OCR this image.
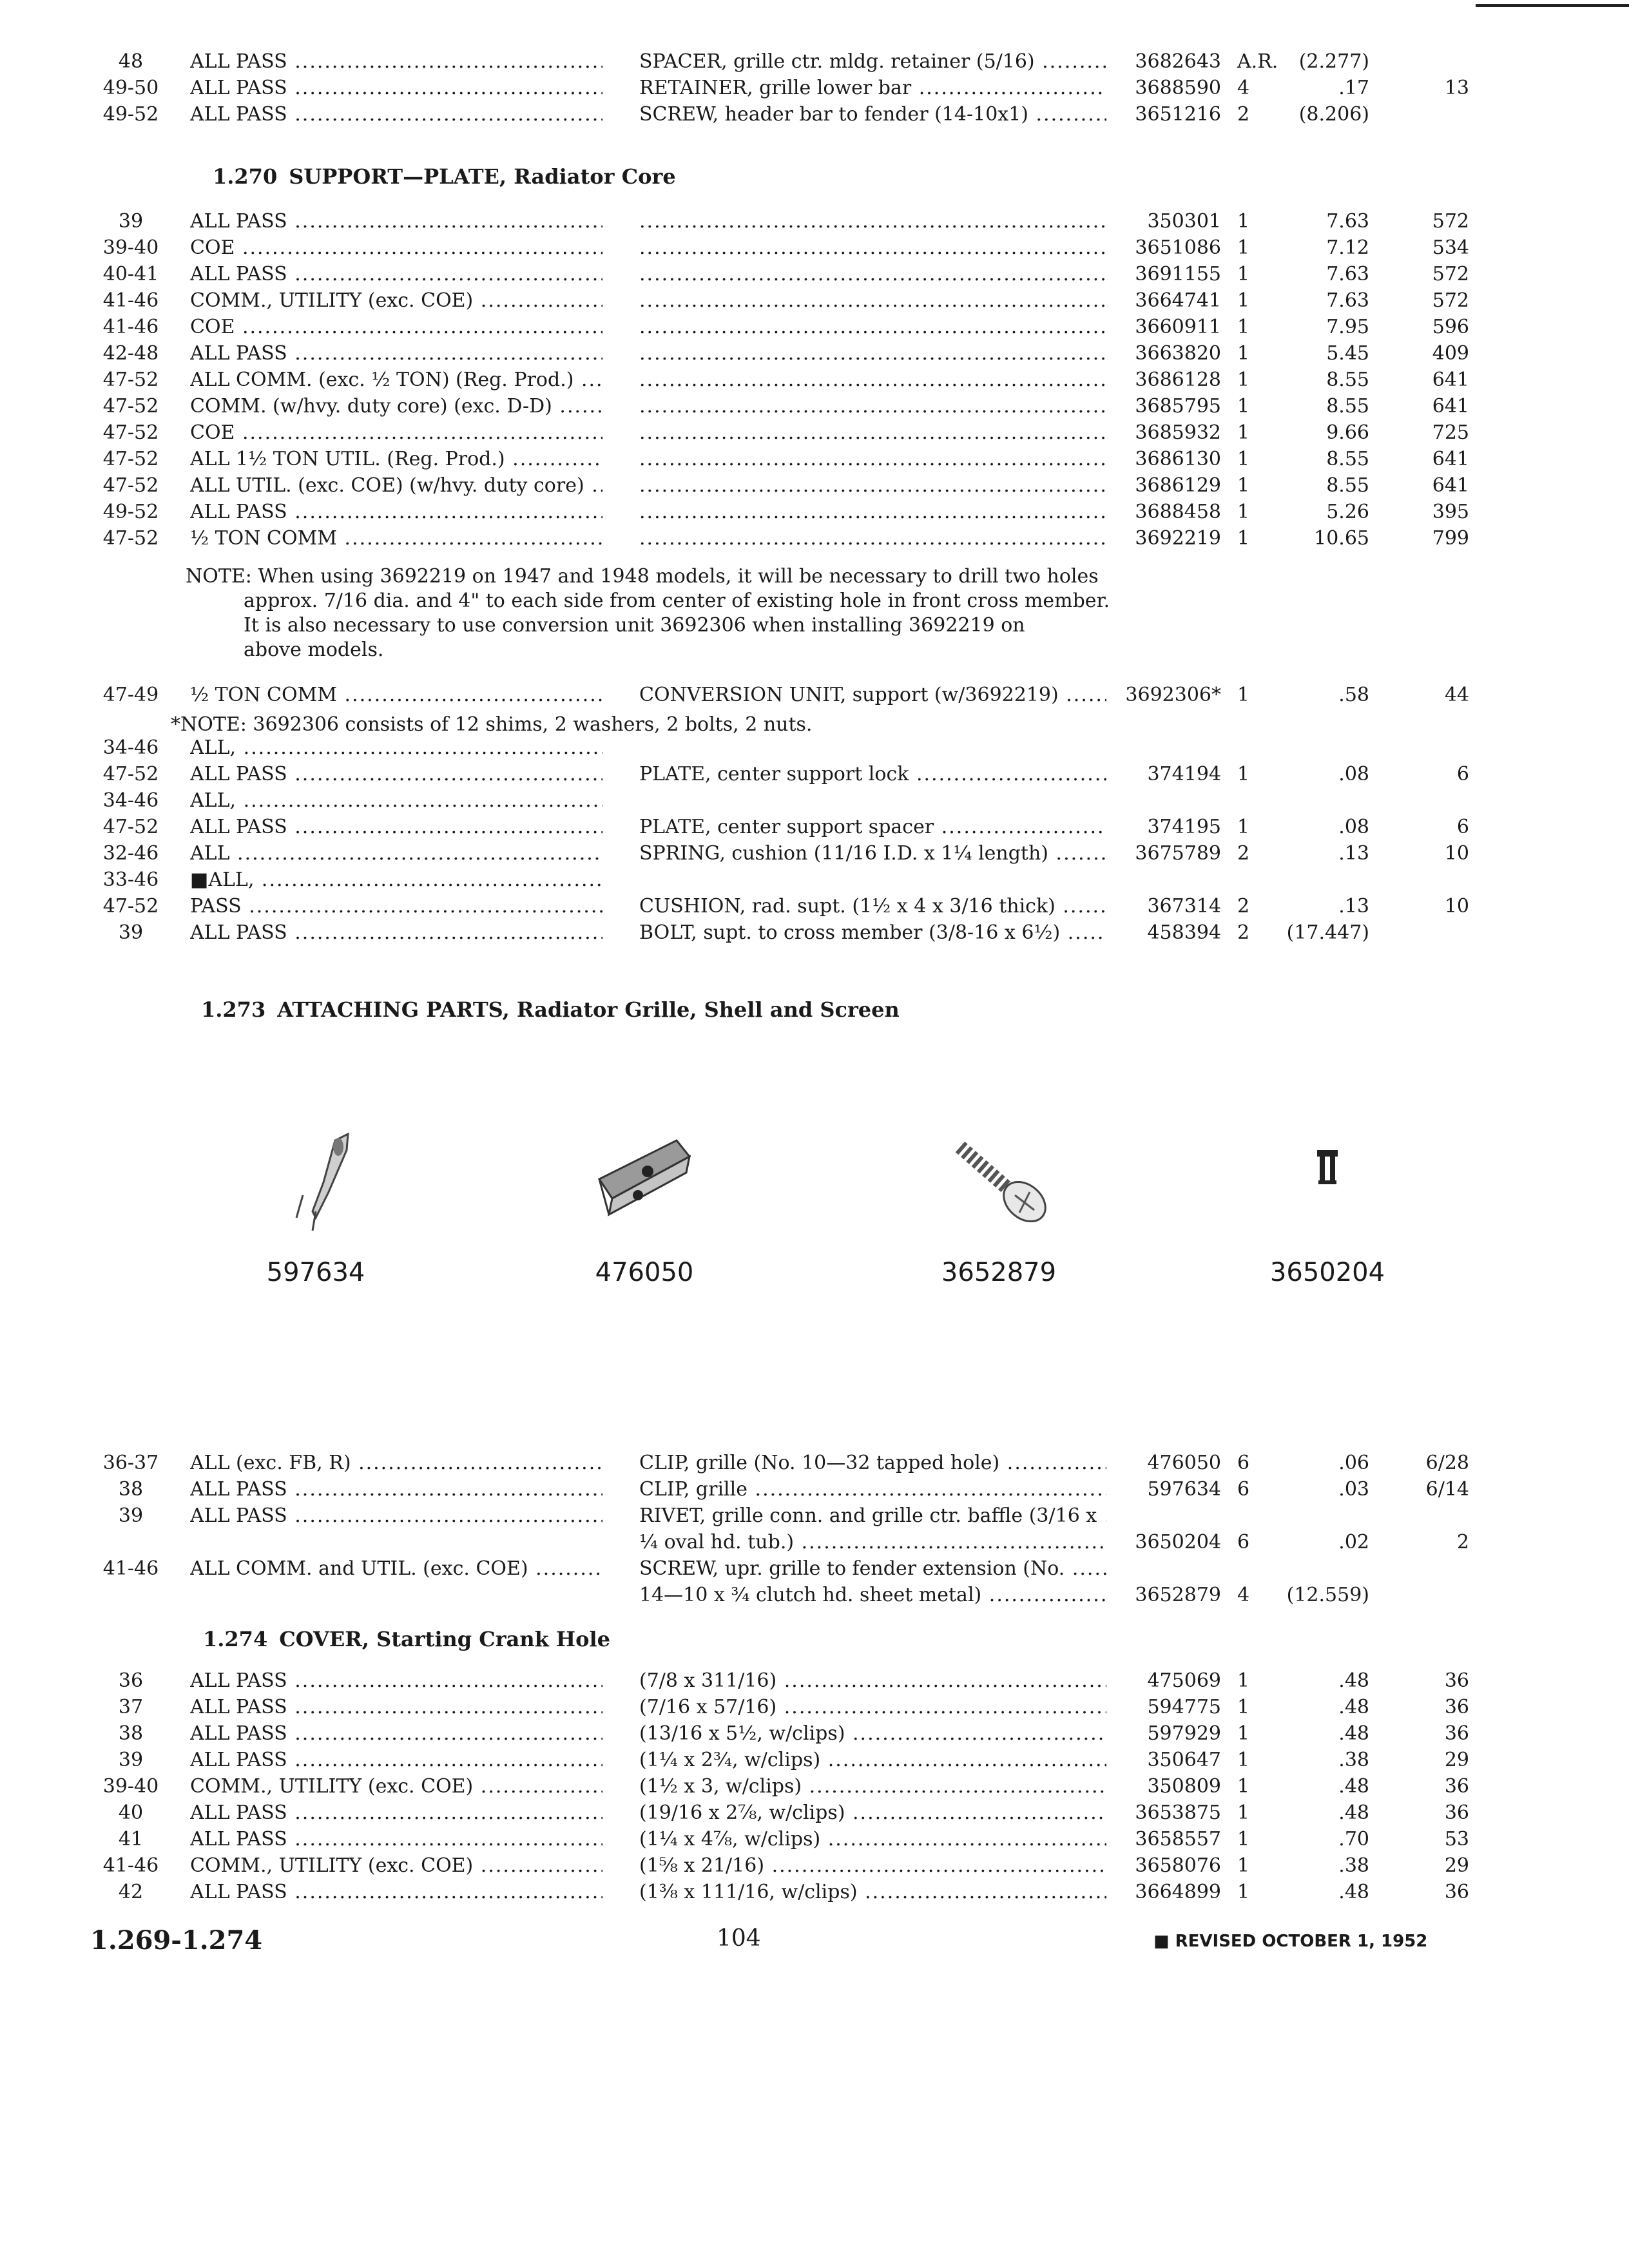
48	ALL PASS .....	SPACER, grille ctr. mldg. retainer (5/16) .....	3682643 A.R.	(2.277)
49-50	ALL PASS .....	RETAINER, grille lower bar .....	3688590 4	.17	13
49-52	ALL PASS .....	SCREW, header bar to fender (14-10x1) .....	3651216 2	(8.206)
1.270 SUPPORT—PLATE, Radiator Core
39	ALL PASS ..... .....	350301 1	7.63	572
39-40	COE ..... .....	3651086 1	7.12	534
40-41	ALL PASS ..... .....	3691155 1	7.63	572
41-46	COMM., UTILITY (exc. COE) ..... .....	3664741 1	7.63	572
41-46	COE ..... .....	3660911 1	7.95	596
42-48	ALL PASS ..... .....	3663820 1	5.45	409
47-52	ALL COMM. (exc. ½ TON) (Reg. Prod.) ..... .....	3686128 1	8.55	641
47-52	COMM. (w/hvy. duty core) (exc. D-D) ..... .....	3685795 1	8.55	641
47-52	COE ..... .....	3685932 1	9.66	725
47-52	ALL 1½ TON UTIL. (Reg. Prod.) ..... .....	3686130 1	8.55	641
47-52	ALL UTIL. (exc. COE) (w/hvy. duty core) ..... .....	3686129 1	8.55	641
49-52	ALL PASS ..... .....	3688458 1	5.26	395
47-52	½ TON COMM ..... .....	3692219 1	10.65	799

NOTE: When using 3692219 on 1947 and 1948 models, it will be necessary to drill two holes

approx. 7/16 dia. and 4" to each side from center of existing hole in front cross member.

It is also necessary to use conversion unit 3692306 when installing 3692219 on

above models.

47-49	½ TON COMM .....	CONVERSION UNIT, support (w/3692219) .....	3692306* 1	.58	44

*NOTE: 3692306 consists of 12 shims, 2 washers, 2 bolts, 2 nuts.

34-46	ALL, .....
47-52	ALL PASS .....	PLATE, center support lock .....	374194 1	.08	6
34-46	ALL, .....
47-52	ALL PASS .....	PLATE, center support spacer .....	374195 1	.08	6
32-46	ALL .....	SPRING, cushion (11/16 I.D. x 1¼ length) .....	3675789 2	.13	10
33-46	■ALL, .....
47-52	PASS .....	CUSHION, rad. supt. (1½ x 4 x 3/16 thick) .....	367314 2	.13	10
39	ALL PASS .....	BOLT, supt. to cross member (3/8-16 x 6½) .....	458394 2	(17.447)
1.273 ATTACHING PARTS, Radiator Grille, Shell and Screen
597634	476050	3652879	3650204
36-37	ALL (exc. FB, R) .....	CLIP, grille (No. 10—32 tapped hole) .....	476050 6	.06	6/28
38	ALL PASS .....	CLIP, grille .....	597634 6	.03	6/14
39	ALL PASS .....	RIVET, grille conn. and grille ctr. baffle (3/16 x .....
¼ oval hd. tub.) .....	3650204 6	.02	2
41-46	ALL COMM. and UTIL. (exc. COE) .....	SCREW, upr. grille to fender extension (No. .....
14—10 x ¾ clutch hd. sheet metal) .....	3652879 4	(12.559)
1.274 COVER, Starting Crank Hole
36	ALL PASS .....	(7/8 x 311/16) .....	475069 1	.48	36
37	ALL PASS .....	(7/16 x 57/16) .....	594775 1	.48	36
38	ALL PASS .....	(13/16 x 5½, w/clips) .....	597929 1	.48	36
39	ALL PASS .....	(1¼ x 2¾, w/clips) .....	350647 1	.38	29
39-40	COMM., UTILITY (exc. COE) .....	(1½ x 3, w/clips) .....	350809 1	.48	36
40	ALL PASS .....	(19/16 x 2⅞, w/clips) .....	3653875 1	.48	36
41	ALL PASS .....	(1¼ x 4⅞, w/clips) .....	3658557 1	.70	53
41-46	COMM., UTILITY (exc. COE) .....	(1⅝ x 21/16) .....	3658076 1	.38	29
42	ALL PASS .....	(1⅜ x 111/16, w/clips) .....	3664899 1	.48	36
1.269-1.274	104	■ REVISED OCTOBER 1, 1952
